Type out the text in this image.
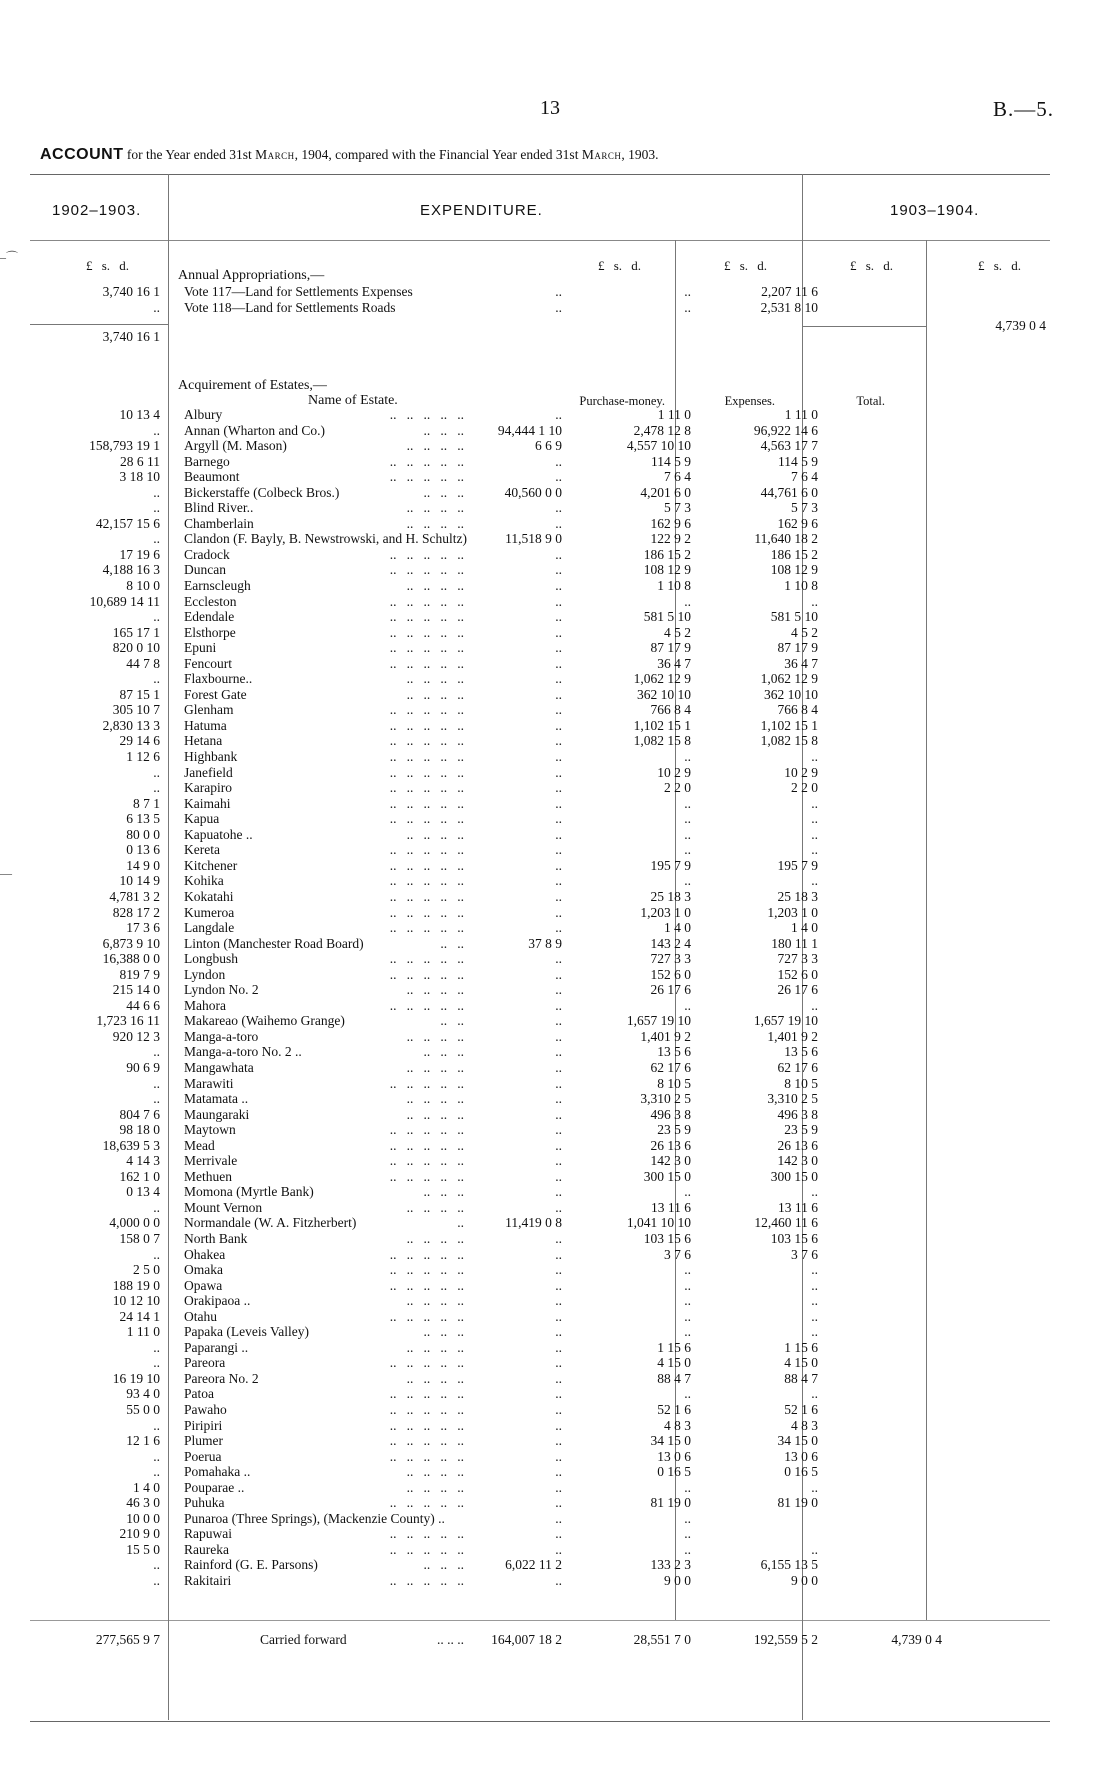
13	B.—5.
ACCOUNT for the Year ended 31st March, 1904, compared with the Financial Year ended 31st March, 1903.
1902–1903.	EXPENDITURE.	1903–1904.
£ s. d.	£ s. d.	£ s. d.	£ s. d.	£ s. d.
Annual Appropriations,—
3,740 16 1	Vote 117—Land for Settlements Expenses	..	..	2,207 11 6	
..	Vote 118—Land for Settlements Roads	..	..	2,531 8 10	
3,740 16 1
4,739 0 4
Acquirement of Estates,—
Name of Estate.	Purchase-money.	Expenses.	Total.
10 13 4	Albury ..   ..   ..   ..   ..	..	1 11 0	1 11 0	
..	Annan (Wharton and Co.) ..   ..   ..	94,444 1 10	2,478 12 8	96,922 14 6	
158,793 19 1	Argyll (M. Mason) ..   ..   ..   ..	6 6 9	4,557 10 10	4,563 17 7	
28 6 11	Barnego ..   ..   ..   ..   ..	..	114 5 9	114 5 9	
3 18 10	Beaumont ..   ..   ..   ..   ..	..	7 6 4	7 6 4	
..	Bickerstaffe (Colbeck Bros.) ..   ..   ..	40,560 0 0	4,201 6 0	44,761 6 0	
..	Blind River.. ..   ..   ..   ..	..	5 7 3	5 7 3	
42,157 15 6	Chamberlain ..   ..   ..   ..	..	162 9 6	162 9 6	
..	Clandon (F. Bayly, B. Newstrowski, and H. Schultz)	11,518 9 0	122 9 2	11,640 18 2	
17 19 6	Cradock ..   ..   ..   ..   ..	..	186 15 2	186 15 2	
4,188 16 3	Duncan ..   ..   ..   ..   ..	..	108 12 9	108 12 9	
8 10 0	Earnscleugh ..   ..   ..   ..	..	1 10 8	1 10 8	
10,689 14 11	Eccleston ..   ..   ..   ..   ..	..	..	..	
..	Edendale ..   ..   ..   ..   ..	..	581 5 10	581 5 10	
165 17 1	Elsthorpe ..   ..   ..   ..   ..	..	4 5 2	4 5 2	
820 0 10	Epuni ..   ..   ..   ..   ..	..	87 17 9	87 17 9	
44 7 8	Fencourt ..   ..   ..   ..   ..	..	36 4 7	36 4 7	
..	Flaxbourne.. ..   ..   ..   ..	..	1,062 12 9	1,062 12 9	
87 15 1	Forest Gate ..   ..   ..   ..	..	362 10 10	362 10 10	
305 10 7	Glenham ..   ..   ..   ..   ..	..	766 8 4	766 8 4	
2,830 13 3	Hatuma ..   ..   ..   ..   ..	..	1,102 15 1	1,102 15 1	
29 14 6	Hetana ..   ..   ..   ..   ..	..	1,082 15 8	1,082 15 8	
1 12 6	Highbank ..   ..   ..   ..   ..	..	..	..	
..	Janefield ..   ..   ..   ..   ..	..	10 2 9	10 2 9	
..	Karapiro ..   ..   ..   ..   ..	..	2 2 0	2 2 0	
8 7 1	Kaimahi ..   ..   ..   ..   ..	..	..	..	
6 13 5	Kapua ..   ..   ..   ..   ..	..	..	..	
80 0 0	Kapuatohe .. ..   ..   ..   ..	..	..	..	
0 13 6	Kereta ..   ..   ..   ..   ..	..	..	..	
14 9 0	Kitchener ..   ..   ..   ..   ..	..	195 7 9	195 7 9	
10 14 9	Kohika ..   ..   ..   ..   ..	..	..	..	
4,781 3 2	Kokatahi ..   ..   ..   ..   ..	..	25 18 3	25 18 3	
828 17 2	Kumeroa ..   ..   ..   ..   ..	..	1,203 1 0	1,203 1 0	
17 3 6	Langdale ..   ..   ..   ..   ..	..	1 4 0	1 4 0	
6,873 9 10	Linton (Manchester Road Board) ..   ..	37 8 9	143 2 4	180 11 1	
16,388 0 0	Longbush ..   ..   ..   ..   ..	..	727 3 3	727 3 3	
819 7 9	Lyndon ..   ..   ..   ..   ..	..	152 6 0	152 6 0	
215 14 0	Lyndon No. 2 ..   ..   ..   ..	..	26 17 6	26 17 6	
44 6 6	Mahora ..   ..   ..   ..   ..	..	..	..	
1,723 16 11	Makareao (Waihemo Grange) ..   ..	..	1,657 19 10	1,657 19 10	
920 12 3	Manga-a-toro ..   ..   ..   ..	..	1,401 9 2	1,401 9 2	
..	Manga-a-toro No. 2 .. ..   ..   ..	..	13 5 6	13 5 6	
90 6 9	Mangawhata ..   ..   ..   ..	..	62 17 6	62 17 6	
..	Marawiti ..   ..   ..   ..   ..	..	8 10 5	8 10 5	
..	Matamata .. ..   ..   ..   ..	..	3,310 2 5	3,310 2 5	
804 7 6	Maungaraki ..   ..   ..   ..	..	496 3 8	496 3 8	
98 18 0	Maytown ..   ..   ..   ..   ..	..	23 5 9	23 5 9	
18,639 5 3	Mead ..   ..   ..   ..   ..	..	26 13 6	26 13 6	
4 14 3	Merrivale ..   ..   ..   ..   ..	..	142 3 0	142 3 0	
162 1 0	Methuen ..   ..   ..   ..   ..	..	300 15 0	300 15 0	
0 13 4	Momona (Myrtle Bank) ..   ..   ..	..	..	..	
..	Mount Vernon ..   ..   ..   ..	..	13 11 6	13 11 6	
4,000 0 0	Normandale (W. A. Fitzherbert) ..	11,419 0 8	1,041 10 10	12,460 11 6	
158 0 7	North Bank ..   ..   ..   ..	..	103 15 6	103 15 6	
..	Ohakea ..   ..   ..   ..   ..	..	3 7 6	3 7 6	
2 5 0	Omaka ..   ..   ..   ..   ..	..	..	..	
188 19 0	Opawa ..   ..   ..   ..   ..	..	..	..	
10 12 10	Orakipaoa .. ..   ..   ..   ..	..	..	..	
24 14 1	Otahu ..   ..   ..   ..   ..	..	..	..	
1 11 0	Papaka (Leveis Valley) ..   ..   ..	..	..	..	
..	Paparangi .. ..   ..   ..   ..	..	1 15 6	1 15 6	
..	Pareora ..   ..   ..   ..   ..	..	4 15 0	4 15 0	
16 19 10	Pareora No. 2 ..   ..   ..   ..	..	88 4 7	88 4 7	
93 4 0	Patoa ..   ..   ..   ..   ..	..	..	..	
55 0 0	Pawaho ..   ..   ..   ..   ..	..	52 1 6	52 1 6	
..	Piripiri ..   ..   ..   ..   ..	..	4 8 3	4 8 3	
12 1 6	Plumer ..   ..   ..   ..   ..	..	34 15 0	34 15 0	
..	Poerua ..   ..   ..   ..   ..	..	13 0 6	13 0 6	
..	Pomahaka .. ..   ..   ..   ..	..	0 16 5	0 16 5	
1 4 0	Pouparae .. ..   ..   ..   ..	..	..	..	
46 3 0	Puhuka ..   ..   ..   ..   ..	..	81 19 0	81 19 0	
10 0 0	Punaroa (Three Springs), (Mackenzie County) ..	..	..		
210 9 0	Rapuwai ..   ..   ..   ..   ..	..	..		
15 5 0	Raureka ..   ..   ..   ..   ..	..	..	..	
..	Rainford (G. E. Parsons) ..   ..   ..	6,022 11 2	133 2 3	6,155 13 5	
..	Rakitairi ..   ..   ..   ..   ..	..	9 0 0	9 0 0	
277,565 9 7	Carried forward	.. .. ..	164,007 18 2	28,551 7 0	192,559 5 2	4,739 0 4
–⌒
—
